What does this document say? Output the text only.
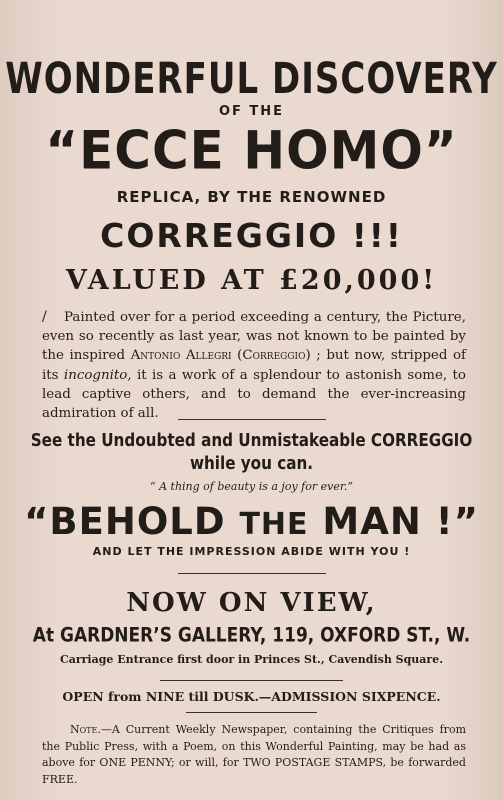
WONDERFUL DISCOVERY
OF THE
“ECCE HOMO”
REPLICA, BY THE RENOWNED
CORREGGIO !!!
VALUED AT £20,000!
/ Painted over for a period exceeding a century, the Picture, even so recently as last year, was not known to be painted by the inspired Antonio Allegri (Correggio) ; but now, stripped of its incognito, it is a work of a splendour to astonish some, to lead captive others, and to demand the ever-increasing admiration of all.
See the Undoubted and Unmistakeable CORREGGIO
while you can.
“ A thing of beauty is a joy for ever.”
“BEHOLD THE MAN !”
AND LET THE IMPRESSION ABIDE WITH YOU !
NOW ON VIEW,
At GARDNER’S GALLERY, 119, OXFORD ST., W.
Carriage Entrance first door in Princes St., Cavendish Square.
OPEN from NINE till DUSK.—ADMISSION SIXPENCE.
Note.—A Current Weekly Newspaper, containing the Critiques from the Public Press, with a Poem, on this Wonderful Painting, may be had as above for ONE PENNY; or will, for TWO POSTAGE STAMPS, be forwarded FREE.
